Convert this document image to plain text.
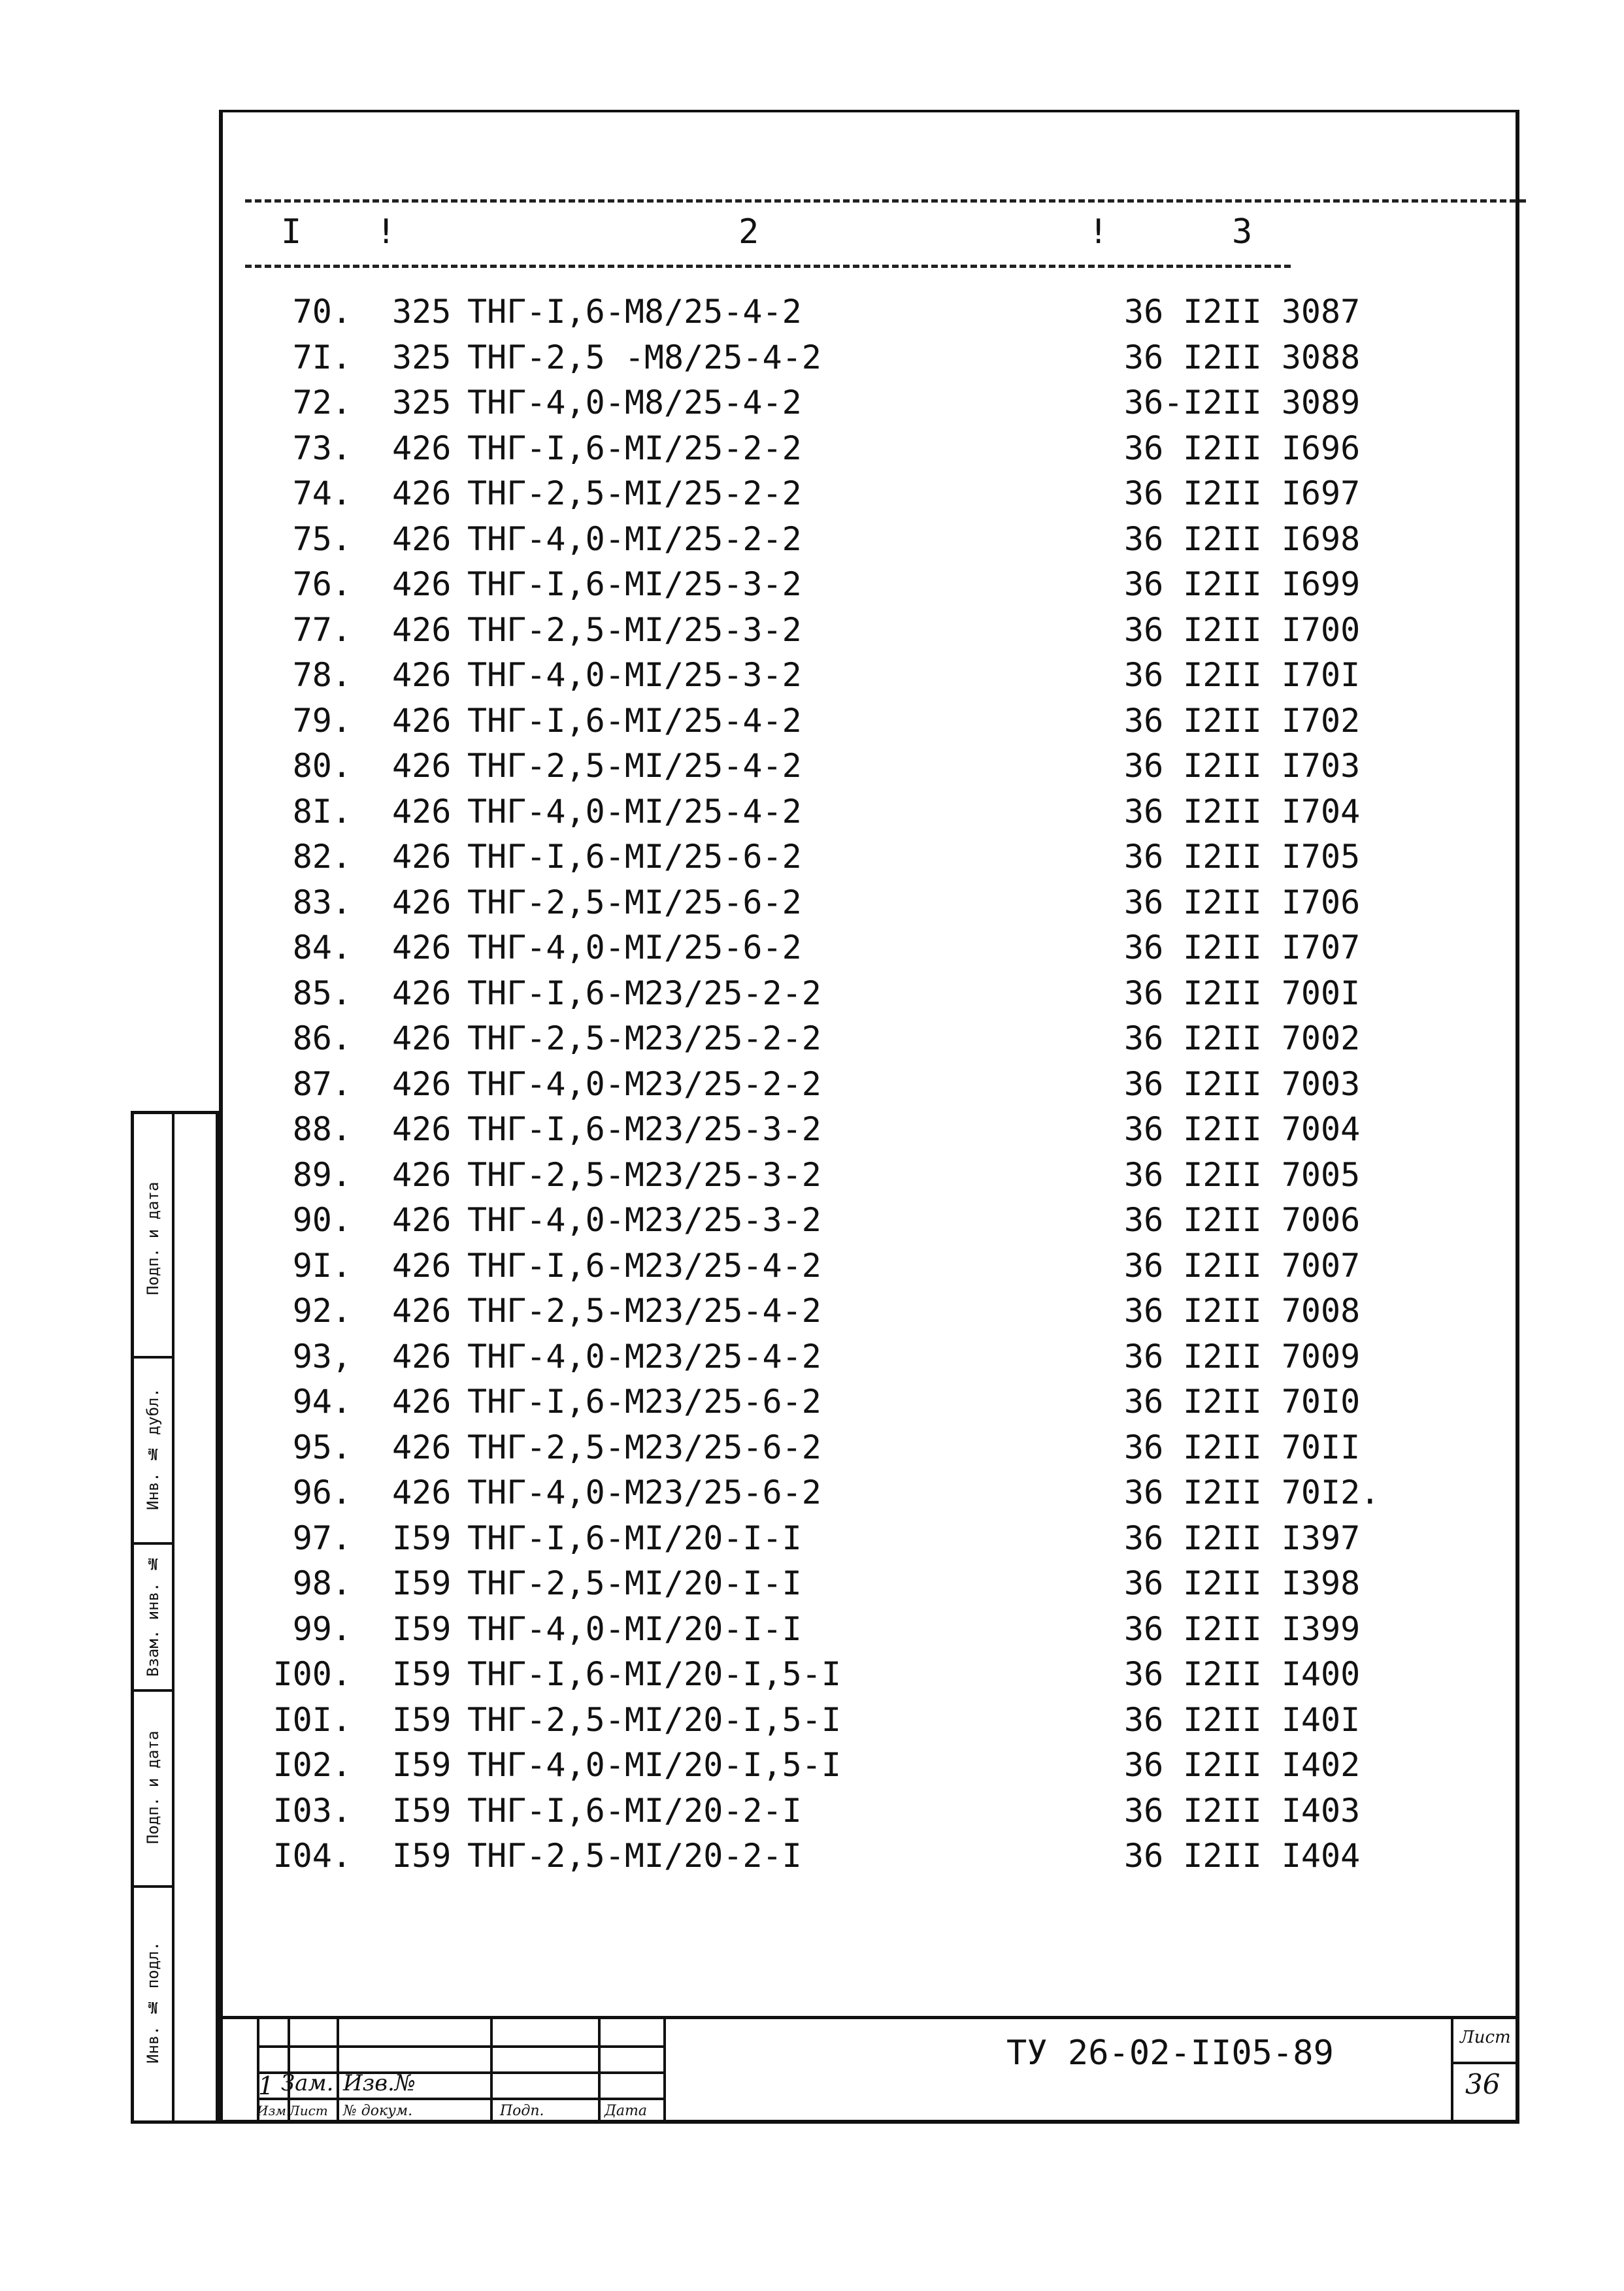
I !	2	!	3
70. 325 ТНГ-I,6-М8/25-4-2	36 I2II 3087
7I. 325 ТНГ-2,5 -М8/25-4-2	36 I2II 3088
72. 325 ТНГ-4,0-М8/25-4-2	36-I2II 3089
73. 426 ТНГ-I,6-МI/25-2-2	36 I2II I696
74. 426 ТНГ-2,5-МI/25-2-2	36 I2II I697
75. 426 ТНГ-4,0-МI/25-2-2	36 I2II I698
76. 426 ТНГ-I,6-МI/25-3-2	36 I2II I699
77. 426 ТНГ-2,5-МI/25-3-2	36 I2II I700
78. 426 ТНГ-4,0-МI/25-3-2	36 I2II I70I
79. 426 ТНГ-I,6-МI/25-4-2	36 I2II I702
80. 426 ТНГ-2,5-МI/25-4-2	36 I2II I703
8I. 426 ТНГ-4,0-МI/25-4-2	36 I2II I704
82. 426 ТНГ-I,6-МI/25-6-2	36 I2II I705
83. 426 ТНГ-2,5-МI/25-6-2	36 I2II I706
84. 426 ТНГ-4,0-МI/25-6-2	36 I2II I707
85. 426 ТНГ-I,6-М23/25-2-2	36 I2II 700I
86. 426 ТНГ-2,5-М23/25-2-2	36 I2II 7002
87. 426 ТНГ-4,0-М23/25-2-2	36 I2II 7003
88. 426 ТНГ-I,6-М23/25-3-2	36 I2II 7004
89. 426 ТНГ-2,5-М23/25-3-2	36 I2II 7005
90. 426 ТНГ-4,0-М23/25-3-2	36 I2II 7006
9I. 426 ТНГ-I,6-М23/25-4-2	36 I2II 7007
92. 426 ТНГ-2,5-М23/25-4-2	36 I2II 7008
93, 426 ТНГ-4,0-М23/25-4-2	36 I2II 7009
94. 426 ТНГ-I,6-М23/25-6-2	36 I2II 70I0
95. 426 ТНГ-2,5-М23/25-6-2	36 I2II 70II
96. 426 ТНГ-4,0-М23/25-6-2	36 I2II 70I2.
97. I59 ТНГ-I,6-МI/20-I-I	36 I2II I397
98. I59 ТНГ-2,5-МI/20-I-I	36 I2II I398
99. I59 ТНГ-4,0-МI/20-I-I	36 I2II I399
I00. I59 ТНГ-I,6-МI/20-I,5-I	36 I2II I400
I0I. I59 ТНГ-2,5-МI/20-I,5-I	36 I2II I40I
I02. I59 ТНГ-4,0-МI/20-I,5-I	36 I2II I402
I03. I59 ТНГ-I,6-МI/20-2-I	36 I2II I403
I04. I59 ТНГ-2,5-МI/20-2-I	36 I2II I404
Подп. и дата
Инв. № дубл.
Взам. инв. №
Подп. и дата
Инв. № подл.
1 Зам. Изв.№
Изм.
Лист № докум.	Подп.	Дата
ТУ 26-02-II05-89	Лист
36
